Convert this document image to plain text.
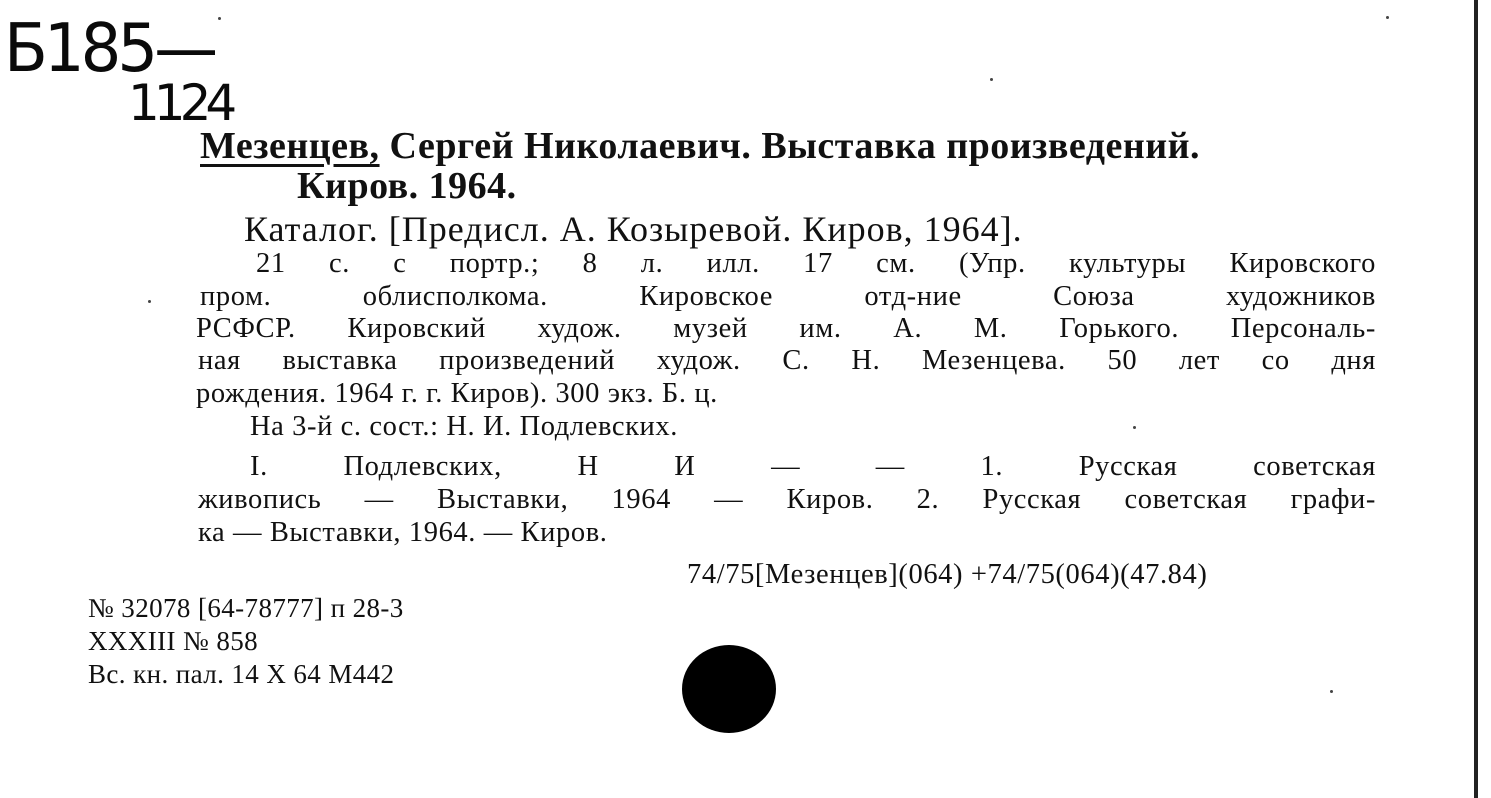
Б185—
1124
Мезенцев, Сергей Николаевич. Выставка произведений.
Киров. 1964.
Каталог. [Предисл. А. Козыревой. Киров, 1964].
21 с. с портр.; 8 л. илл. 17 см. (Упр. культуры Кировского
пром. облисполкома. Кировское отд-ние Союза художников
РСФСР. Кировский худож. музей им. А. М. Горького. Персональ-
ная выставка произведений худож. С. Н. Мезенцева. 50 лет со дня
рождения. 1964 г. г. Киров). 300 экз. Б. ц.
На 3-й с. сост.: Н. И. Подлевских.
I. Подлевских, Н И — — 1. Русская советская
живопись — Выставки, 1964 — Киров. 2. Русская советская графи-
ка — Выставки, 1964. — Киров.
74/75[Мезенцев](064) +74/75(064)(47.84)
№ 32078 [64-78777] п 28-3
XXXIII № 858
Вс. кн. пал. 14 X 64 М442
